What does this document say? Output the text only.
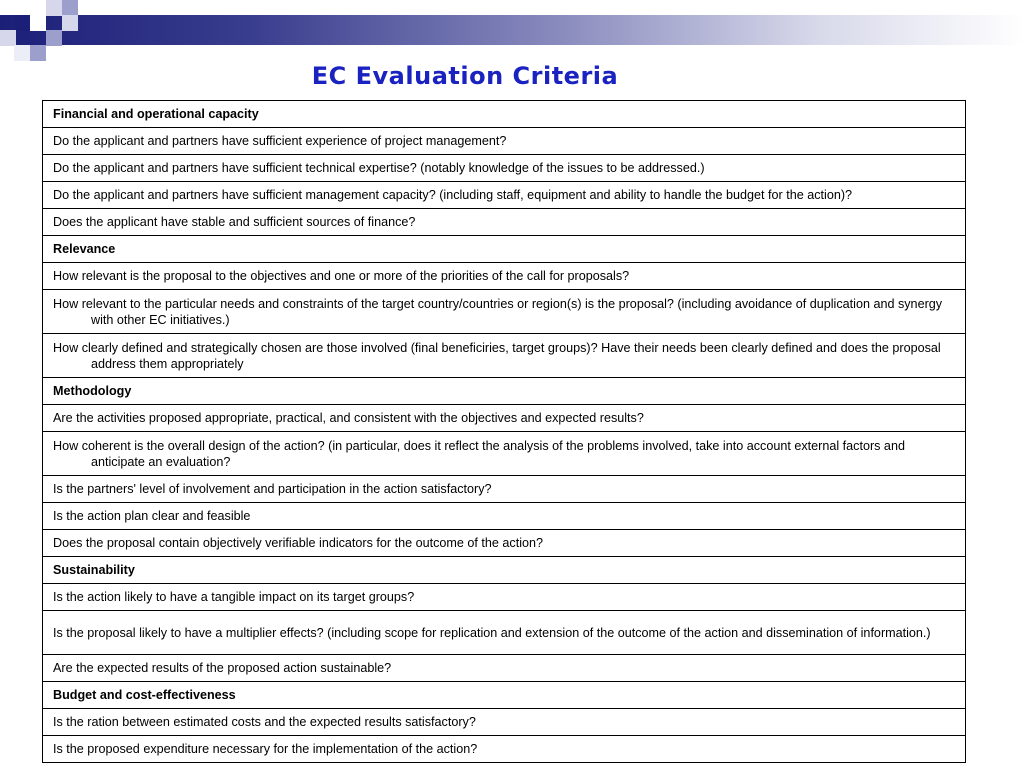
EC Evaluation Criteria
Financial and operational capacity

Do the applicant and partners have sufficient experience of project management?

Do the applicant and partners have sufficient technical expertise? (notably knowledge of the issues to be addressed.)

Do the applicant and partners have sufficient management capacity? (including staff, equipment and ability to handle the budget for the action)?

Does the applicant have stable and sufficient sources of finance?

Relevance

How relevant is the proposal to the objectives and one or more of the priorities of the call for proposals?

How relevant to the particular needs and constraints of the target country/countries or region(s) is the proposal? (including avoidance of duplication and synergy with other EC initiatives.)

How clearly defined and strategically chosen are those involved (final beneficiries, target groups)? Have their needs been clearly defined and does the proposal address them appropriately

Methodology

Are the activities proposed appropriate, practical, and consistent with the objectives and expected results?

How coherent is the overall design of the action? (in particular, does it reflect the analysis of the problems involved, take into account external factors and anticipate an evaluation?

Is the partners' level of involvement and participation in the action satisfactory?

Is the action plan clear and feasible

Does the proposal contain objectively verifiable indicators for the outcome of the action?

Sustainability

Is the action likely to have a tangible impact on its target groups?

Is the proposal likely to have a multiplier effects? (including scope for replication and extension of the outcome of the action and dissemination of information.)

Are the expected results of the proposed action sustainable?

Budget and cost-effectiveness

Is the ration between estimated costs and the expected results satisfactory?

Is the proposed expenditure necessary for the implementation of the action?
